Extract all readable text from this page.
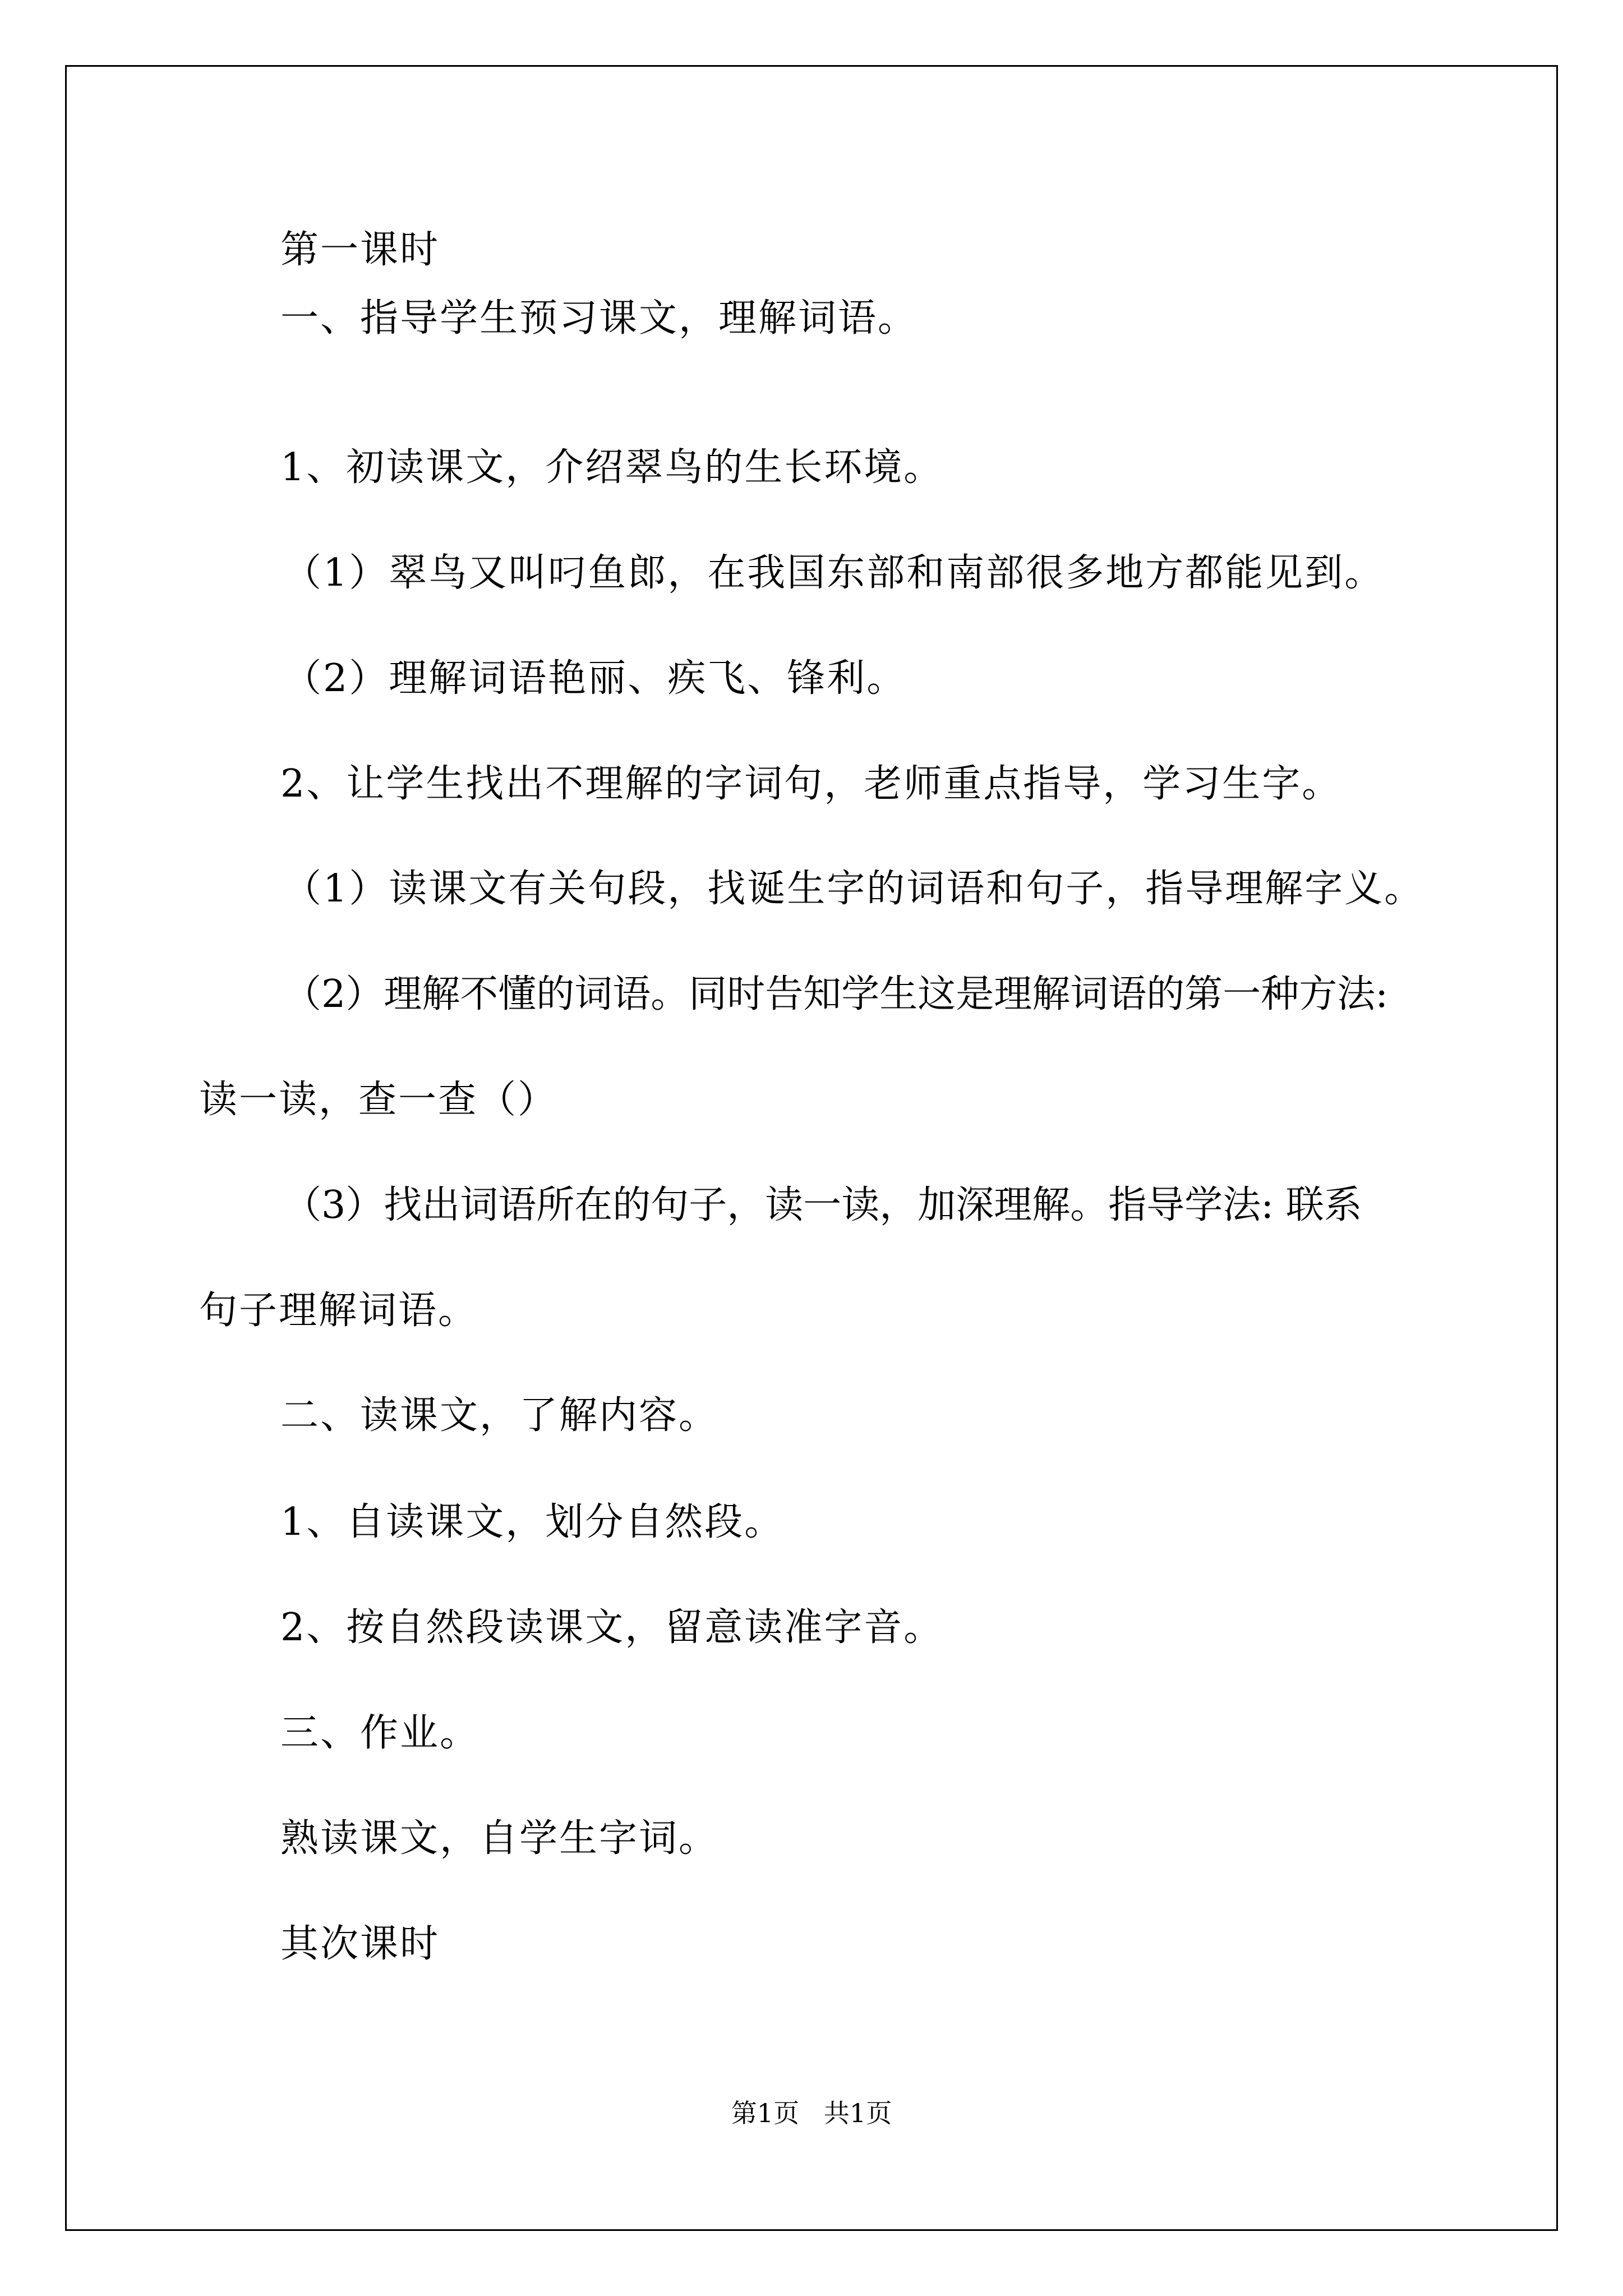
第一课时

一、指导学生预习课文，理解词语。

1、初读课文，介绍翠鸟的生长环境。

（1）翠鸟又叫叼鱼郎，在我国东部和南部很多地方都能见到。

（2）理解词语艳丽、疾飞、锋利。

2、让学生找出不理解的字词句，老师重点指导，学习生字。

（1）读课文有关句段，找诞生字的词语和句子，指导理解字义。

（2）理解不懂的词语。同时告知学生这是理解词语的第一种方法:

读一读，查一查（）

（3）找出词语所在的句子，读一读，加深理解。指导学法: 联系

句子理解词语。

二、读课文，了解内容。

1、自读课文，划分自然段。

2、按自然段读课文，留意读准字音。

三、作业。

熟读课文，自学生字词。

其次课时

第1页   共1页
